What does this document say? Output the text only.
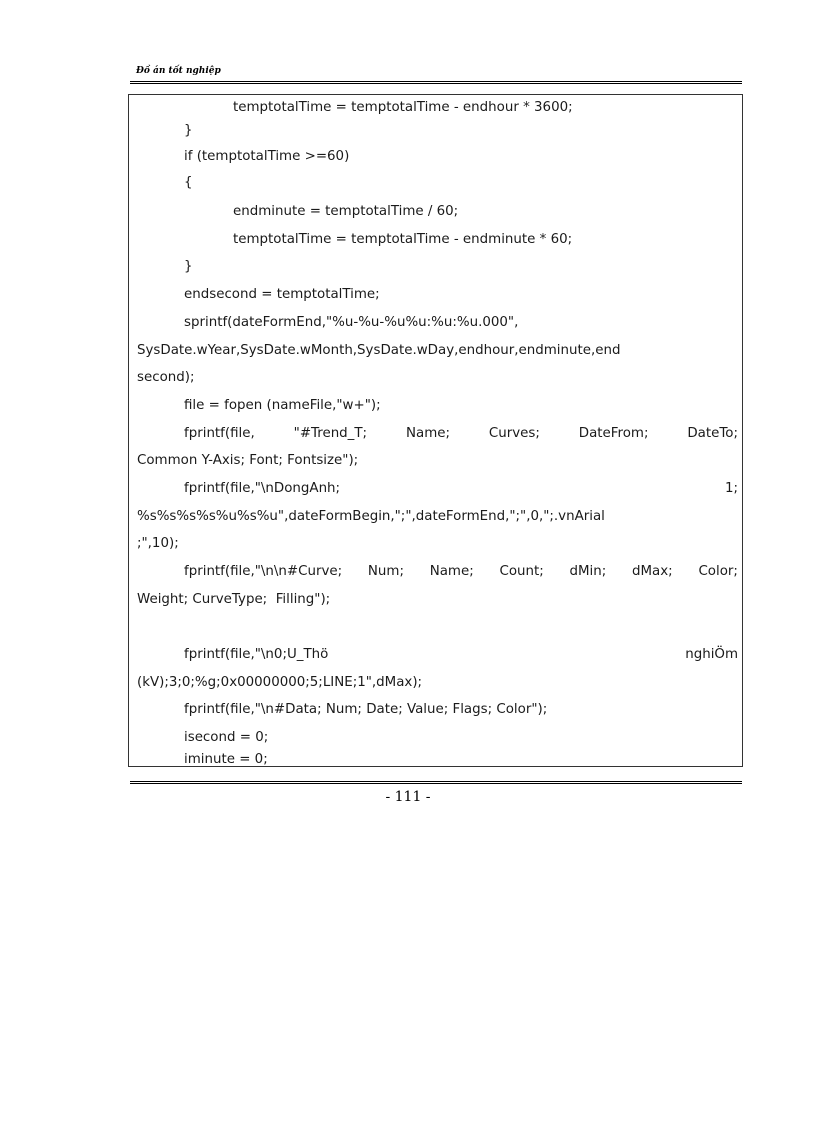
Đồ án tốt nghiệp
temptotalTime = temptotalTime - endhour * 3600;
}
if (temptotalTime >=60)
{
endminute = temptotalTime / 60;
temptotalTime = temptotalTime - endminute * 60;
}
endsecond = temptotalTime;
sprintf(dateFormEnd,"%u-%u-%u%u:%u:%u.000",
SysDate.wYear,SysDate.wMonth,SysDate.wDay,endhour,endminute,end
second);
file = fopen (nameFile,"w+");
fprintf(file,	"#Trend_T;	Name;	Curves;	DateFrom;	DateTo;
Common Y-Axis; Font; Fontsize");
fprintf(file,"\nDongAnh;	1;
%s%s%s%s%u%s%u",dateFormBegin,";",dateFormEnd,";",0,";.vnArial
;",10);
fprintf(file,"\n\n#Curve; Num; Name; Count; dMin; dMax; Color;
Weight; CurveType;  Filling");
fprintf(file,"\n0;U_Thö	nghiÖm
(kV);3;0;%g;0x00000000;5;LINE;1",dMax);
fprintf(file,"\n#Data; Num; Date; Value; Flags; Color");
isecond = 0;
iminute = 0;
- 111 -
